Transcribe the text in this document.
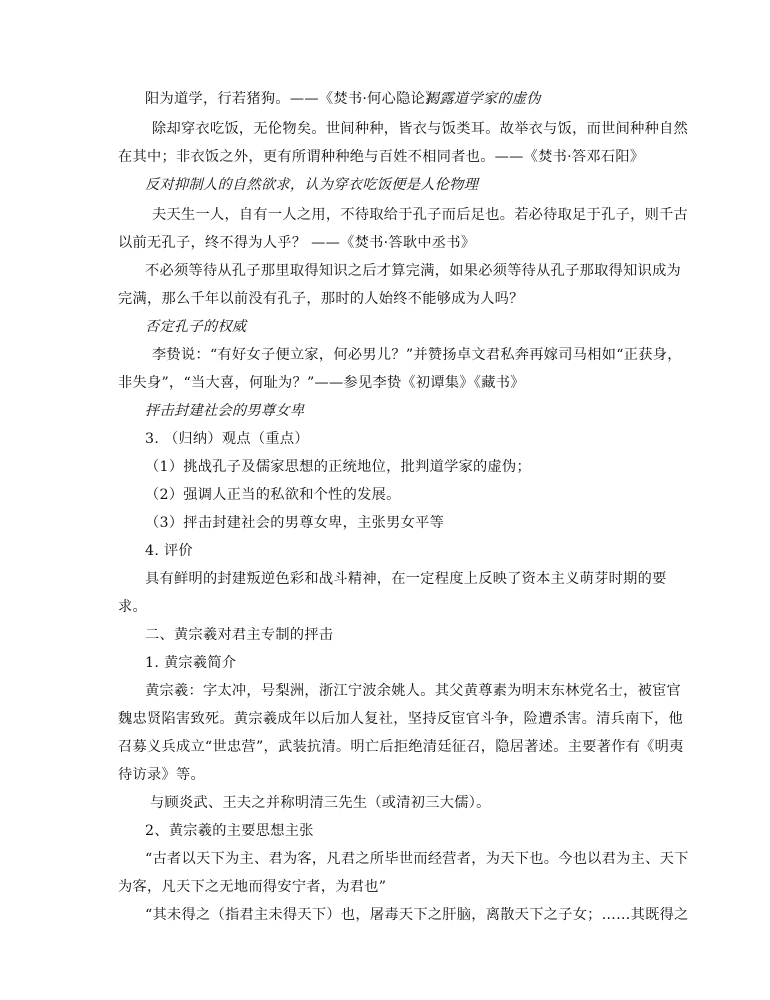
阳为道学，行若猪狗。——《焚书·何心隐论》
揭露道学家的虚伪
除却穿衣吃饭，无伦物矣。世间种种，皆衣与饭类耳。故举衣与饭，而世间种种自然
在其中；非衣饭之外，更有所谓种种绝与百姓不相同者也。——《焚书·答邓石阳》
反对抑制人的自然欲求，认为穿衣吃饭便是人伦物理
夫天生一人，自有一人之用，不待取给于孔子而后足也。若必待取足于孔子，则千古
以前无孔子，终不得为人乎？ ——《焚书·答耿中丞书》
不必须等待从孔子那里取得知识之后才算完满，如果必须等待从孔子那取得知识成为
完满，那么千年以前没有孔子，那时的人始终不能够成为人吗？
否定孔子的权威
李贽说：“有好女子便立家，何必男儿？”并赞扬卓文君私奔再嫁司马相如“正获身，
非失身”，“当大喜，何耻为？”——参见李贽《初谭集》《藏书》
抨击封建社会的男尊女卑
3. （归纳）观点（重点）
（1）挑战孔子及儒家思想的正统地位，批判道学家的虚伪；
（2）强调人正当的私欲和个性的发展。
（3）抨击封建社会的男尊女卑，主张男女平等
4. 评价
具有鲜明的封建叛逆色彩和战斗精神，在一定程度上反映了资本主义萌芽时期的要
求。
二、黄宗羲对君主专制的抨击
1. 黄宗羲简介
黄宗羲：字太冲，号梨洲，浙江宁波余姚人。其父黄尊素为明末东林党名士，被宦官
魏忠贤陷害致死。黄宗羲成年以后加人复社，坚持反宦官斗争，险遭杀害。清兵南下，他
召募义兵成立“世忠营”，武装抗清。明亡后拒绝清廷征召，隐居著述。主要著作有《明夷
待访录》等。
与顾炎武、王夫之并称明清三先生（或清初三大儒）。
2、黄宗羲的主要思想主张
“古者以天下为主、君为客，凡君之所毕世而经营者，为天下也。今也以君为主、天下
为客，凡天下之无地而得安宁者，为君也”
“其未得之（指君主未得天下）也，屠毒天下之肝脑，离散天下之子女；……其既得之
